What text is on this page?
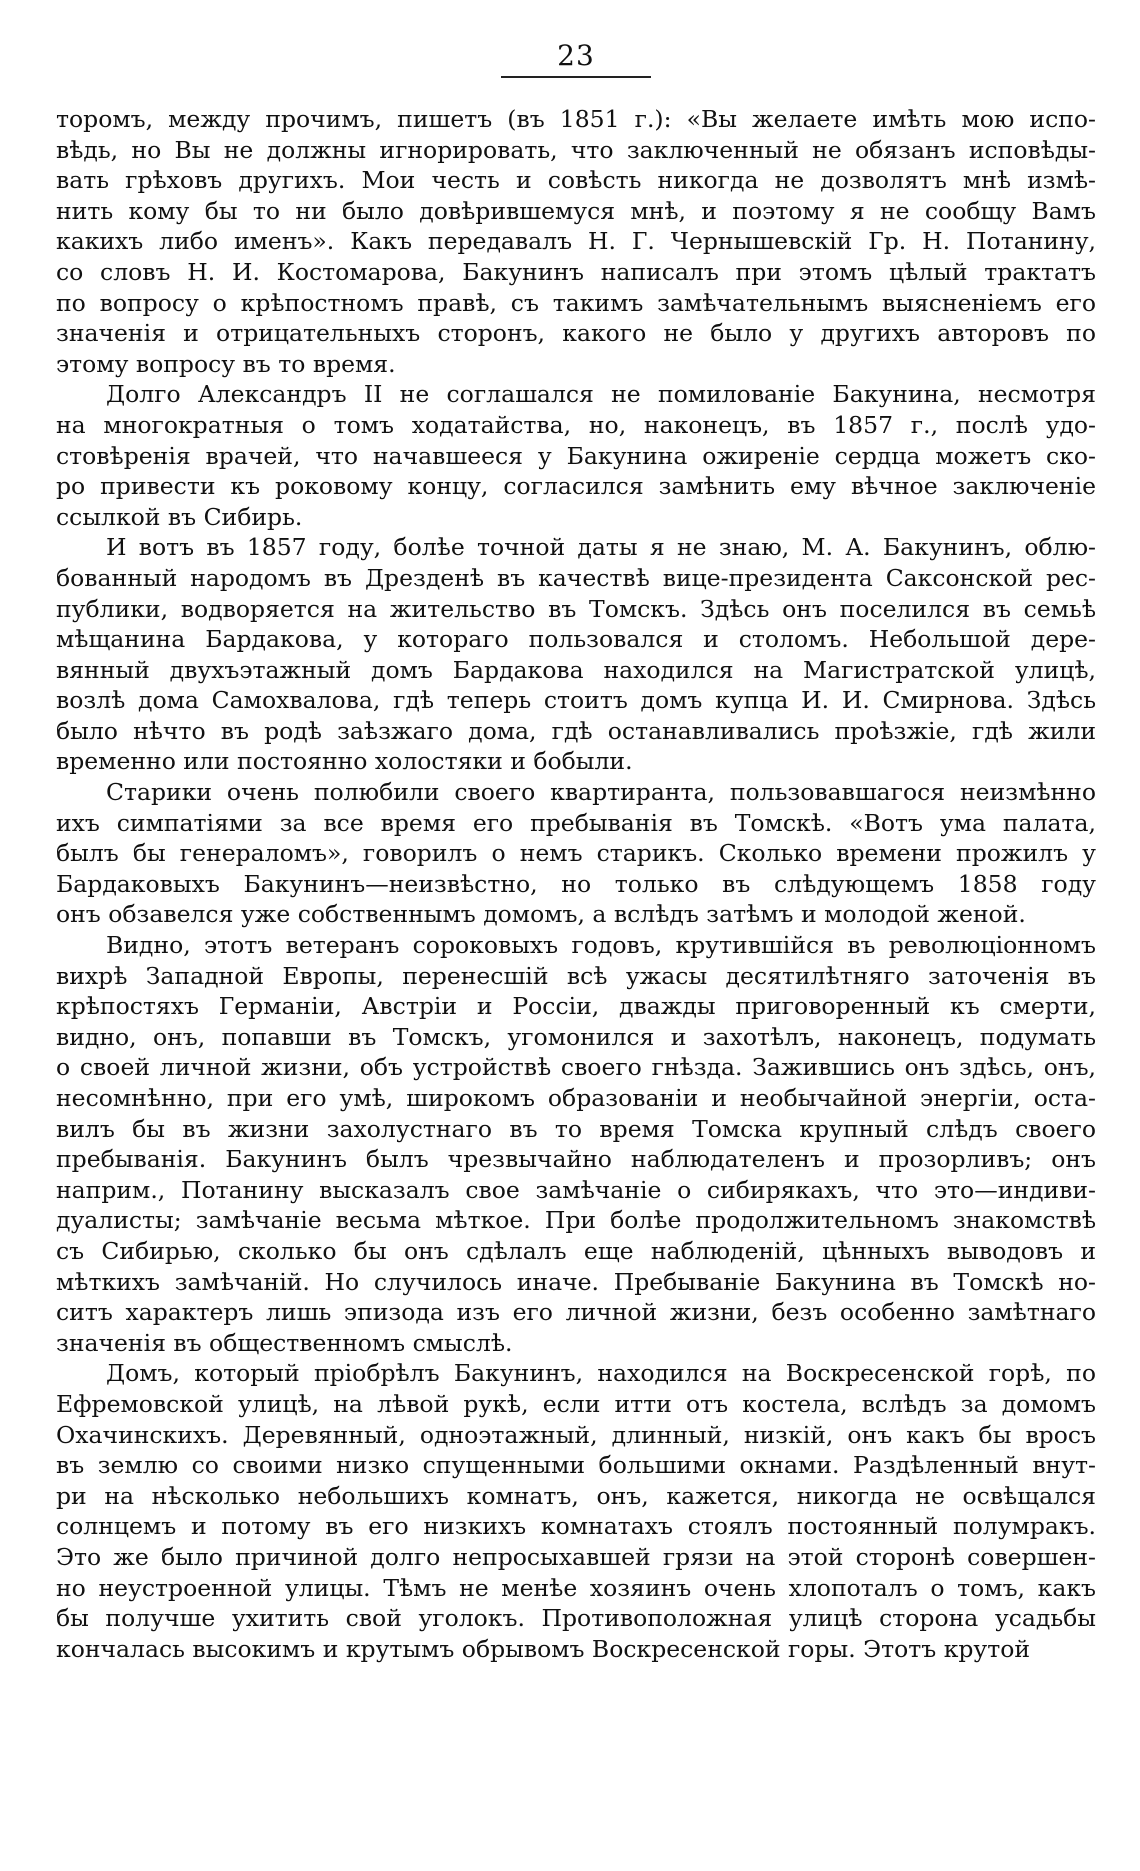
23
торомъ, между прочимъ, пишетъ (въ 1851 г.): «Вы желаете имѣть мою испо-
вѣдь, но Вы не должны игнорировать, что заключенный не обязанъ исповѣды-
вать грѣховъ другихъ. Мои честь и совѣсть никогда не дозволятъ мнѣ измѣ-
нить кому бы то ни было довѣрившемуся мнѣ, и поэтому я не сообщу Вамъ
какихъ либо именъ». Какъ передавалъ Н. Г. Чернышевскій Гр. Н. Потанину,
со словъ Н. И. Костомарова, Бакунинъ написалъ при этомъ цѣлый трактатъ
по вопросу о крѣпостномъ правѣ, съ такимъ замѣчательнымъ выясненіемъ его
значенія и отрицательныхъ сторонъ, какого не было у другихъ авторовъ по
этому вопросу въ то время.
Долго Александръ II не соглашался не помилованіе Бакунина, несмотря
на многократныя о томъ ходатайства, но, наконецъ, въ 1857 г., послѣ удо-
стовѣренія врачей, что начавшееся у Бакунина ожиреніе сердца можетъ ско-
ро привести къ роковому концу, согласился замѣнить ему вѣчное заключеніе
ссылкой въ Сибирь.
И вотъ въ 1857 году, болѣе точной даты я не знаю, М. А. Бакунинъ, облю-
бованный народомъ въ Дрезденѣ въ качествѣ вице-президента Саксонской рес-
публики, водворяется на жительство въ Томскъ. Здѣсь онъ поселился въ семьѣ
мѣщанина Бардакова, у котораго пользовался и столомъ. Небольшой дере-
вянный двухъэтажный домъ Бардакова находился на Магистратской улицѣ,
возлѣ дома Самохвалова, гдѣ теперь стоитъ домъ купца И. И. Смирнова. Здѣсь
было нѣчто въ родѣ заѣзжаго дома, гдѣ останавливались проѣзжіе, гдѣ жили
временно или постоянно холостяки и бобыли.
Старики очень полюбили своего квартиранта, пользовавшагося неизмѣнно
ихъ симпатіями за все время его пребыванія въ Томскѣ. «Вотъ ума палата,
былъ бы генераломъ», говорилъ о немъ старикъ. Сколько времени прожилъ у
Бардаковыхъ Бакунинъ—неизвѣстно, но только въ слѣдующемъ 1858 году
онъ обзавелся уже собственнымъ домомъ, а вслѣдъ затѣмъ и молодой женой.
Видно, этотъ ветеранъ сороковыхъ годовъ, крутившійся въ революціонномъ
вихрѣ Западной Европы, перенесшій всѣ ужасы десятилѣтняго заточенія въ
крѣпостяхъ Германіи, Австріи и Россіи, дважды приговоренный къ смерти,
видно, онъ, попавши въ Томскъ, угомонился и захотѣлъ, наконецъ, подумать
о своей личной жизни, объ устройствѣ своего гнѣзда. Зажившись онъ здѣсь, онъ,
несомнѣнно, при его умѣ, широкомъ образованіи и необычайной энергіи, оста-
вилъ бы въ жизни захолустнаго въ то время Томска крупный слѣдъ своего
пребыванія. Бакунинъ былъ чрезвычайно наблюдателенъ и прозорливъ; онъ
наприм., Потанину высказалъ свое замѣчаніе о сибирякахъ, что это—индиви-
дуалисты; замѣчаніе весьма мѣткое. При болѣе продолжительномъ знакомствѣ
съ Сибирью, сколько бы онъ сдѣлалъ еще наблюденій, цѣнныхъ выводовъ и
мѣткихъ замѣчаній. Но случилось иначе. Пребываніе Бакунина въ Томскѣ но-
ситъ характеръ лишь эпизода изъ его личной жизни, безъ особенно замѣтнаго
значенія въ общественномъ смыслѣ.
Домъ, который пріобрѣлъ Бакунинъ, находился на Воскресенской горѣ, по
Ефремовской улицѣ, на лѣвой рукѣ, если итти отъ костела, вслѣдъ за домомъ
Охачинскихъ. Деревянный, одноэтажный, длинный, низкій, онъ какъ бы вросъ
въ землю со своими низко спущенными большими окнами. Раздѣленный внут-
ри на нѣсколько небольшихъ комнатъ, онъ, кажется, никогда не освѣщался
солнцемъ и потому въ его низкихъ комнатахъ стоялъ постоянный полумракъ.
Это же было причиной долго непросыхавшей грязи на этой стоpонѣ совершен-
но неустроенной улицы. Тѣмъ не менѣе хозяинъ очень хлопоталъ о томъ, какъ
бы получше ухитить свой уголокъ. Противоположная улицѣ сторона усадьбы
кончалась высокимъ и крутымъ обрывомъ Воскресенской горы. Этотъ крутой
